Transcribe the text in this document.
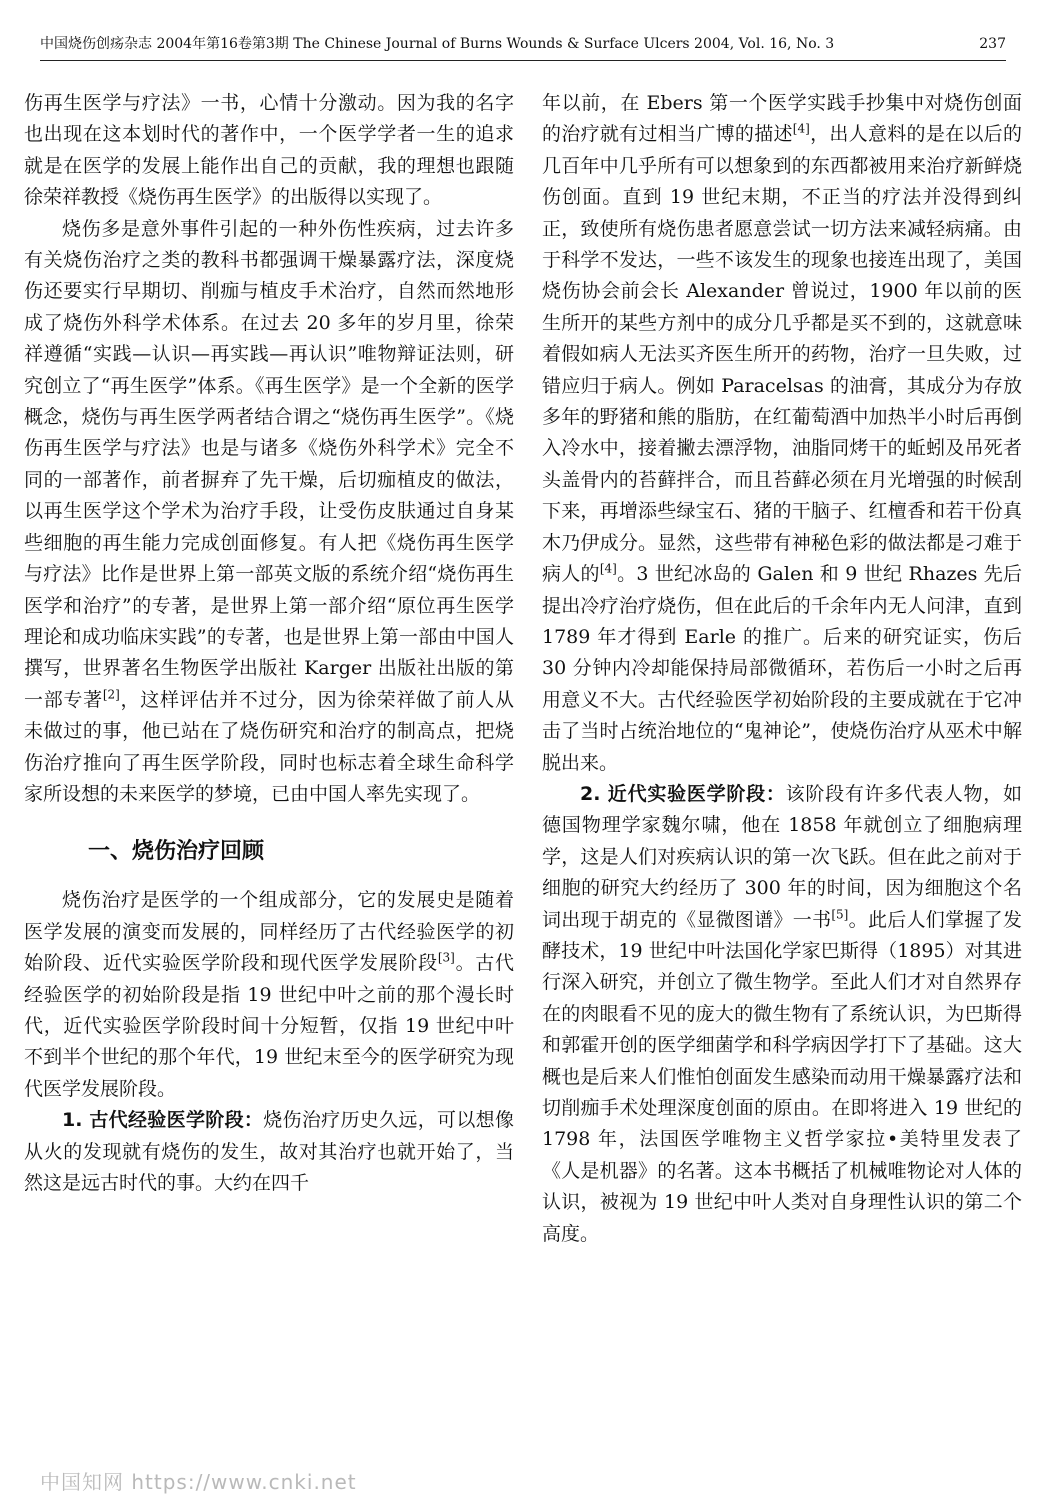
中国烧伤创疡杂志 2004年第16卷第3期 The Chinese Journal of Burns Wounds & Surface Ulcers 2004, Vol. 16, No. 3	237

伤再生医学与疗法》一书，心情十分激动。因为我的名字也出现在这本划时代的著作中，一个医学学者一生的追求就是在医学的发展上能作出自己的贡献，我的理想也跟随徐荣祥教授《烧伤再生医学》的出版得以实现了。

烧伤多是意外事件引起的一种外伤性疾病，过去许多有关烧伤治疗之类的教科书都强调干燥暴露疗法，深度烧伤还要实行早期切、削痂与植皮手术治疗，自然而然地形成了烧伤外科学术体系。在过去 20 多年的岁月里，徐荣祥遵循“实践—认识—再实践—再认识”唯物辩证法则，研究创立了“再生医学”体系。《再生医学》是一个全新的医学概念，烧伤与再生医学两者结合谓之“烧伤再生医学”。《烧伤再生医学与疗法》也是与诸多《烧伤外科学术》完全不同的一部著作，前者摒弃了先干燥，后切痂植皮的做法，以再生医学这个学术为治疗手段，让受伤皮肤通过自身某些细胞的再生能力完成创面修复。有人把《烧伤再生医学与疗法》比作是世界上第一部英文版的系统介绍“烧伤再生医学和治疗”的专著，是世界上第一部介绍“原位再生医学理论和成功临床实践”的专著，也是世界上第一部由中国人撰写，世界著名生物医学出版社 Karger 出版社出版的第一部专著[2]，这样评估并不过分，因为徐荣祥做了前人从未做过的事，他已站在了烧伤研究和治疗的制高点，把烧伤治疗推向了再生医学阶段，同时也标志着全球生命科学家所设想的未来医学的梦境，已由中国人率先实现了。

一、烧伤治疗回顾

烧伤治疗是医学的一个组成部分，它的发展史是随着医学发展的演变而发展的，同样经历了古代经验医学的初始阶段、近代实验医学阶段和现代医学发展阶段[3]。古代经验医学的初始阶段是指 19 世纪中叶之前的那个漫长时代，近代实验医学阶段时间十分短暂，仅指 19 世纪中叶不到半个世纪的那个年代，19 世纪末至今的医学研究为现代医学发展阶段。

1. 古代经验医学阶段：烧伤治疗历史久远，可以想像从火的发现就有烧伤的发生，故对其治疗也就开始了，当然这是远古时代的事。大约在四千

年以前，在 Ebers 第一个医学实践手抄集中对烧伤创面的治疗就有过相当广博的描述[4]，出人意料的是在以后的几百年中几乎所有可以想象到的东西都被用来治疗新鲜烧伤创面。直到 19 世纪末期，不正当的疗法并没得到纠正，致使所有烧伤患者愿意尝试一切方法来减轻病痛。由于科学不发达，一些不该发生的现象也接连出现了，美国烧伤协会前会长 Alexander 曾说过，1900 年以前的医生所开的某些方剂中的成分几乎都是买不到的，这就意味着假如病人无法买齐医生所开的药物，治疗一旦失败，过错应归于病人。例如 Paracelsas 的油膏，其成分为存放多年的野猪和熊的脂肪，在红葡萄酒中加热半小时后再倒入冷水中，接着撇去漂浮物，油脂同烤干的蚯蚓及吊死者头盖骨内的苔藓拌合，而且苔藓必须在月光增强的时候刮下来，再增添些绿宝石、猪的干脑子、红檀香和若干份真木乃伊成分。显然，这些带有神秘色彩的做法都是刁难于病人的[4]。3 世纪冰岛的 Galen 和 9 世纪 Rhazes 先后提出冷疗治疗烧伤，但在此后的千余年内无人问津，直到 1789 年才得到 Earle 的推广。后来的研究证实，伤后 30 分钟内冷却能保持局部微循环，若伤后一小时之后再用意义不大。古代经验医学初始阶段的主要成就在于它冲击了当时占统治地位的“鬼神论”，使烧伤治疗从巫术中解脱出来。

2. 近代实验医学阶段：该阶段有许多代表人物，如德国物理学家魏尔啸，他在 1858 年就创立了细胞病理学，这是人们对疾病认识的第一次飞跃。但在此之前对于细胞的研究大约经历了 300 年的时间，因为细胞这个名词出现于胡克的《显微图谱》一书[5]。此后人们掌握了发酵技术，19 世纪中叶法国化学家巴斯得（1895）对其进行深入研究，并创立了微生物学。至此人们才对自然界存在的肉眼看不见的庞大的微生物有了系统认识，为巴斯得和郭霍开创的医学细菌学和科学病因学打下了基础。这大概也是后来人们惟怕创面发生感染而动用干燥暴露疗法和切削痂手术处理深度创面的原由。在即将进入 19 世纪的 1798 年，法国医学唯物主义哲学家拉•美特里发表了《人是机器》的名著。这本书概括了机械唯物论对人体的认识，被视为 19 世纪中叶人类对自身理性认识的第二个高度。

中国知网 https://www.cnki.net
